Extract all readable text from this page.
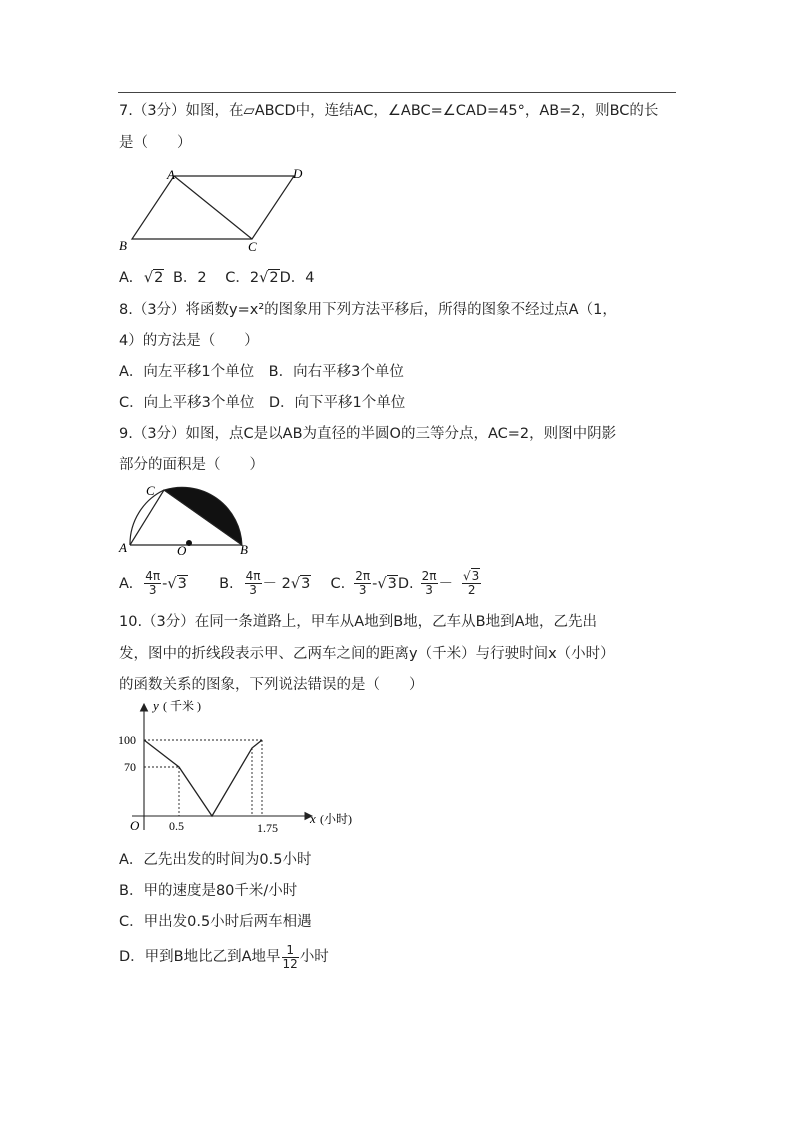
7.（3分）如图，在▱ABCD中，连结AC，∠ABC=∠CAD=45°，AB=2，则BC的长
是（　　）
A	D
B	C
A. √2 B．2 C．2√2D．4
8.（3分）将函数y=x²的图象用下列方法平移后，所得的图象不经过点A（1，
4）的方法是（　　）
A．向左平移1个单位　B．向右平移3个单位
C．向上平移3个单位　D．向下平移1个单位
9.（3分）如图，点C是以AB为直径的半圆O的三等分点，AC=2，则图中阴影
部分的面积是（　　）
C
A	O	B
A. $\frac{4\pi}{3} -√3$ B. $\frac{4\pi}{3} - 2√3$ C. $\frac{2\pi}{3} -√3D$. $\frac{2\pi}{3} - \frac{√3}{2}$
10.（3分）在同一条道路上，甲车从A地到B地，乙车从B地到A地，乙先出
发，图中的折线段表示甲、乙两车之间的距离y（千米）与行驶时间x（小时）
的函数关系的图象，下列说法错误的是（　　）
y ( 千米 )
x (小时)
O
100
70
0.5	1.75
A．乙先出发的时间为0.5小时
B．甲的速度是80千米/小时
C．甲出发0.5小时后两车相遇
D．甲到B地比乙到A地早 $\frac{1}{12}$ 小时
